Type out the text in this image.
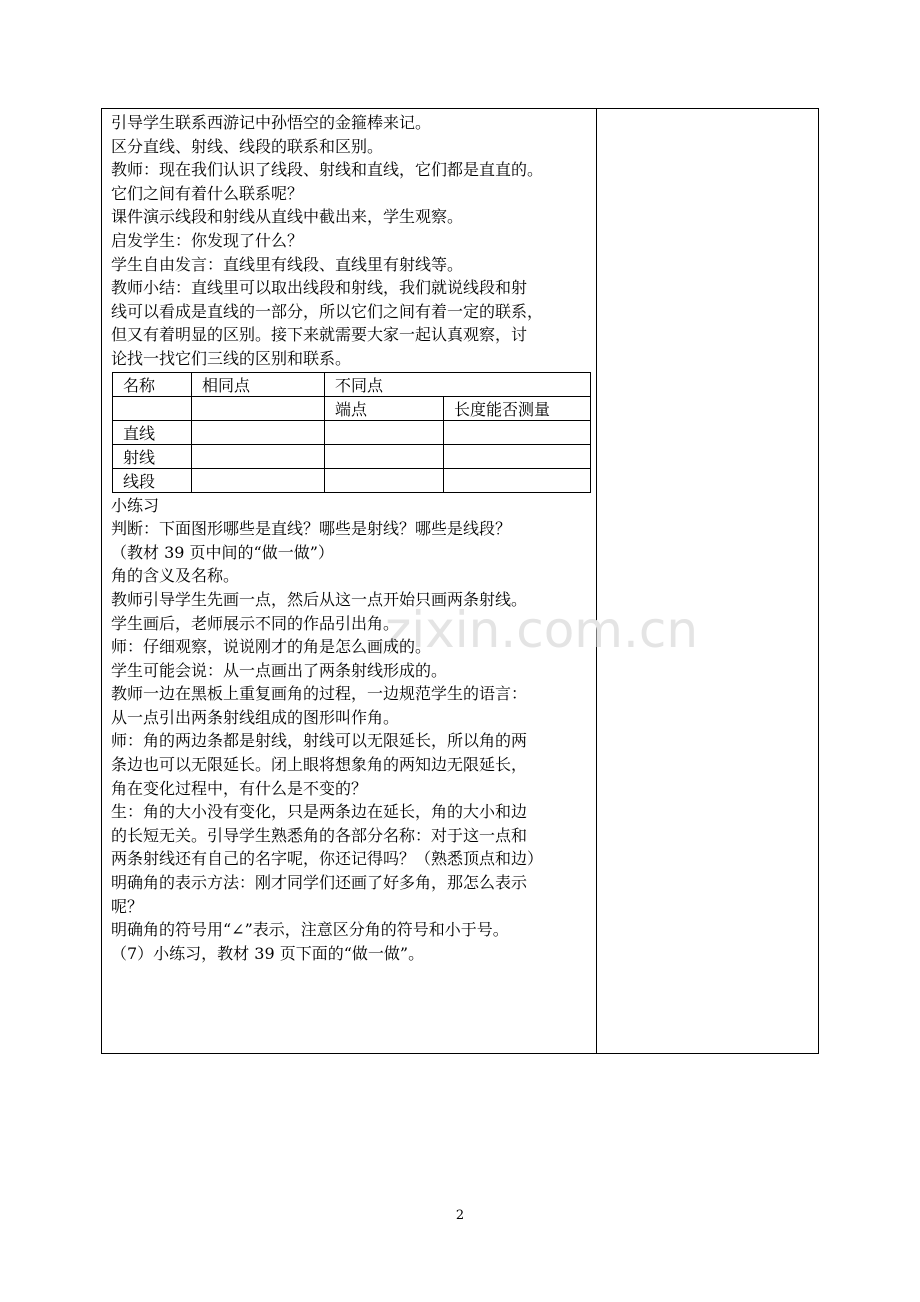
引导学生联系西游记中孙悟空的金箍棒来记。
区分直线、射线、线段的联系和区别。
教师：现在我们认识了线段、射线和直线，它们都是直直的。
它们之间有着什么联系呢？
课件演示线段和射线从直线中截出来，学生观察。
启发学生：你发现了什么？
学生自由发言：直线里有线段、直线里有射线等。
教师小结：直线里可以取出线段和射线，我们就说线段和射
线可以看成是直线的一部分，所以它们之间有着一定的联系，
但又有着明显的区别。接下来就需要大家一起认真观察，讨
论找一找它们三线的区别和联系。
名称	相同点	不同点	
		端点	长度能否测量
直线			
射线			
线段			
小练习
判断：下面图形哪些是直线？哪些是射线？哪些是线段？
（教材 39 页中间的“做一做”）
角的含义及名称。
教师引导学生先画一点，然后从这一点开始只画两条射线。
学生画后，老师展示不同的作品引出角。
师：仔细观察，说说刚才的角是怎么画成的。
学生可能会说：从一点画出了两条射线形成的。
教师一边在黑板上重复画角的过程，一边规范学生的语言：
从一点引出两条射线组成的图形叫作角。
师：角的两边条都是射线，射线可以无限延长，所以角的两
条边也可以无限延长。闭上眼将想象角的两知边无限延长，
角在变化过程中，有什么是不变的？
生：角的大小没有变化，只是两条边在延长，角的大小和边
的长短无关。引导学生熟悉角的各部分名称：对于这一点和
两条射线还有自己的名字呢，你还记得吗？（熟悉顶点和边）
明确角的表示方法：刚才同学们还画了好多角，那怎么表示
呢？
明确角的符号用“∠”表示，注意区分角的符号和小于号。
（7）小练习，教材 39 页下面的“做一做”。
zixin.com.cn
2
